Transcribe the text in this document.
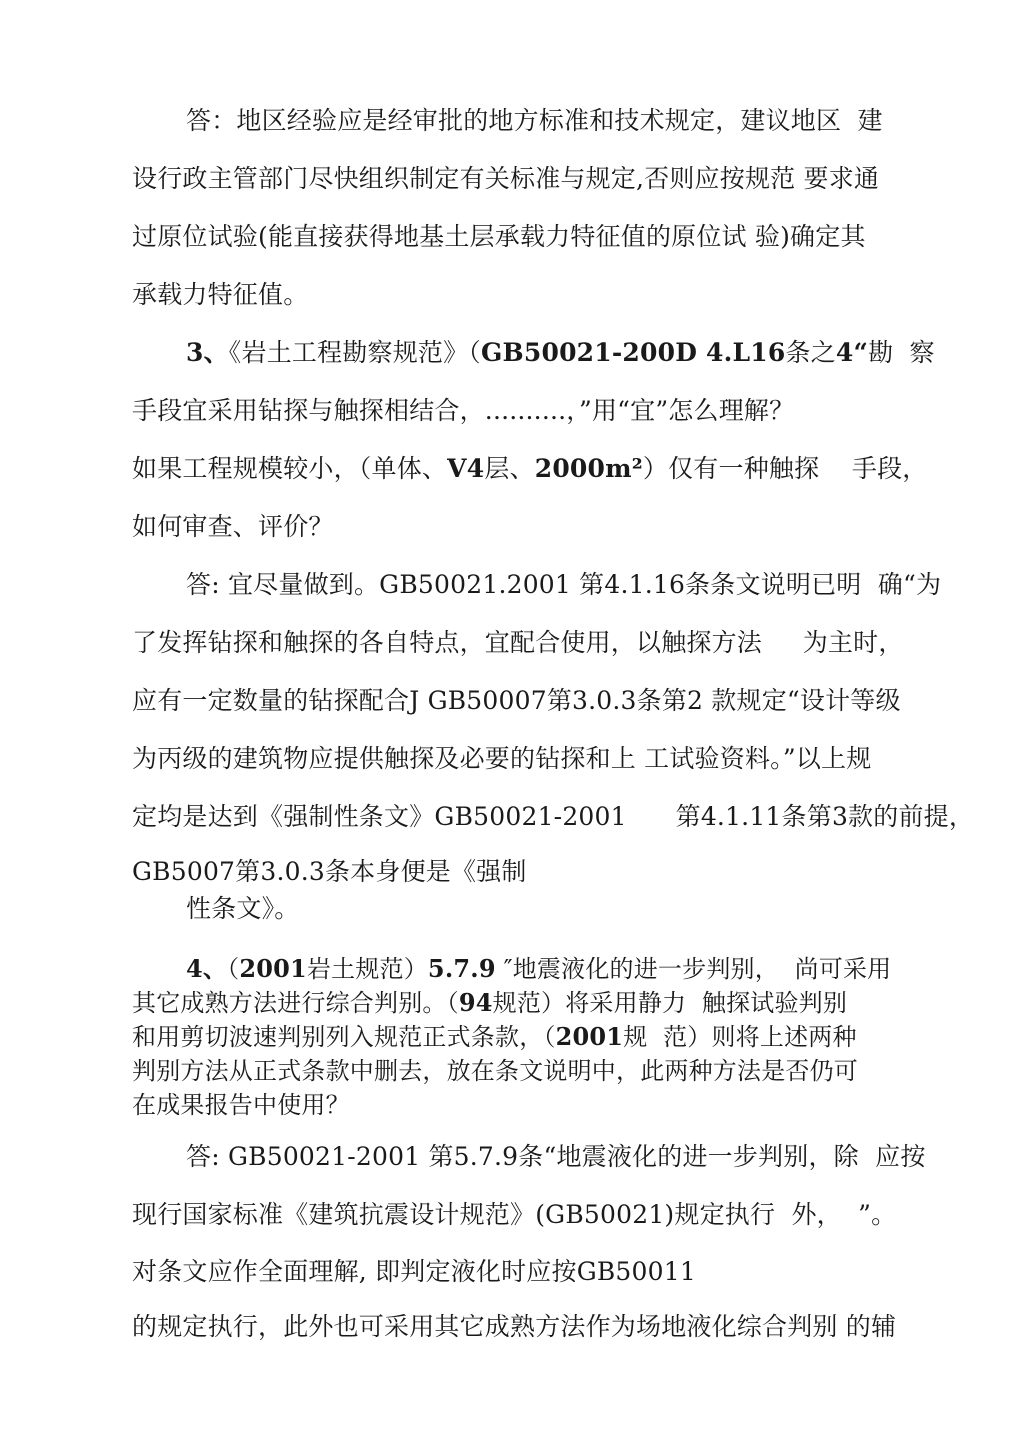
答：地区经验应是经审批的地方标准和技术规定，建议地区  建
设行政主管部门尽快组织制定有关标准与规定,否则应按规范 要求通
过原位试验(能直接获得地基土层承载力特征值的原位试 验)确定其
承载力特征值。
3、《岩土工程勘察规范》（GB50021-200D 4.L16条之4“勘  察
手段宜采用钻探与触探相结合，..........，”用“宜”怎么理解？
如果工程规模较小，（单体、V4层、2000m²）仅有一种触探    手段，
如何审查、评价？
答: 宜尽量做到。GB50021.2001 第4.1.16条条文说明已明  确“为
了发挥钻探和触探的各自特点，宜配合使用，以触探方法     为主时，
应有一定数量的钻探配合J GB50007第3.0.3条第2 款规定“设计等级
为丙级的建筑物应提供触探及必要的钻探和上 工试验资料。”以上规
定均是达到《强制性条文》GB50021-2001      第4.1.11条第3款的前提，
GB5007第3.0.3条本身便是《强制
性条文》。
4、（2001岩土规范）5.7.9 ″地震液化的进一步判别，  尚可采用
其它成熟方法进行综合判别。（94规范）将采用静力  触探试验判别
和用剪切波速判别列入规范正式条款，（2001规  范）则将上述两种
判别方法从正式条款中删去，放在条文说明中，此两种方法是否仍可
在成果报告中使用？
答: GB50021-2001 第5.7.9条“地震液化的进一步判别，除  应按
现行国家标准《建筑抗震设计规范》(GB50021)规定执行  外，  ”。
对条文应作全面理解, 即判定液化时应按GB50011
的规定执行，此外也可采用其它成熟方法作为场地液化综合判别 的辅
